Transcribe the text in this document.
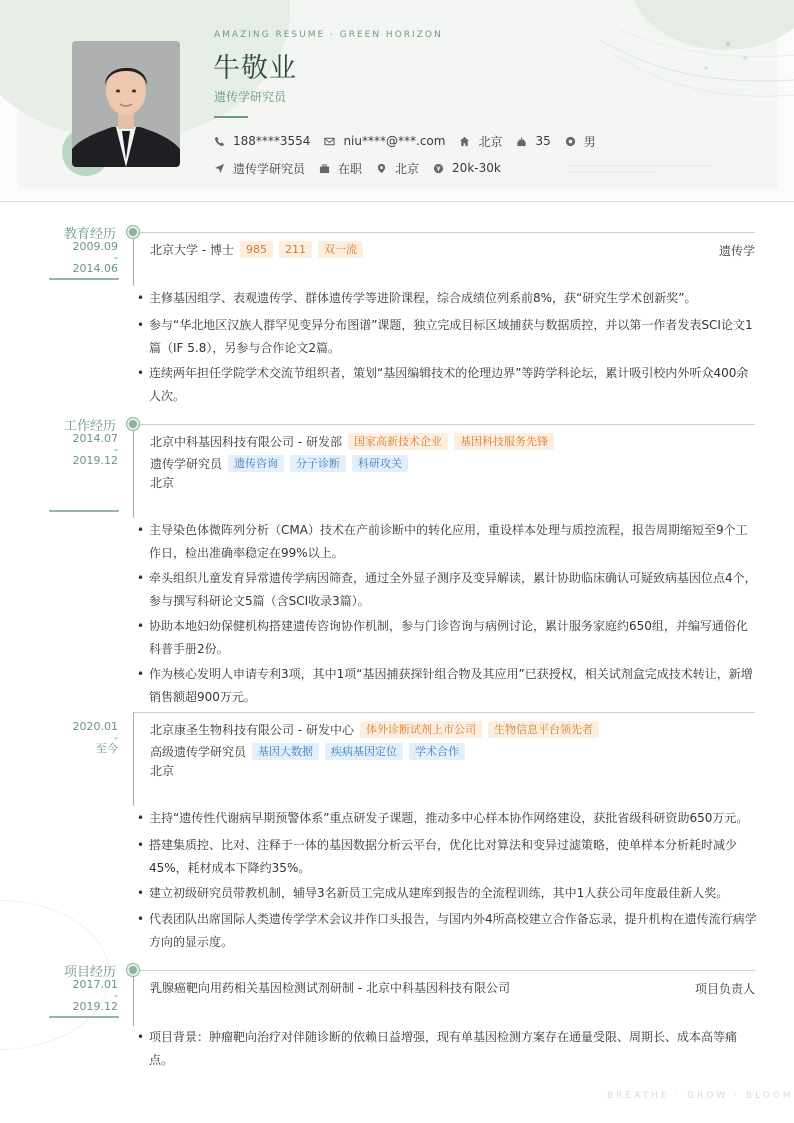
AMAZING RESUME · GREEN HORIZON
牛敬业
遗传学研究员
188****3554	niu****@***.com	北京	35	男
遗传学研究员	在职	北京	20k-30k
教育经历
2009.09
-
2014.06
北京大学 - 博士	985	211	双一流	遗传学
• 主修基因组学、表观遗传学、群体遗传学等进阶课程，综合成绩位列系前8%，获“研究生学术创新奖”。
• 参与“华北地区汉族人群罕见变异分布图谱”课题，独立完成目标区域捕获与数据质控，并以第一作者发表SCI论文1篇（IF 5.8），另参与合作论文2篇。
• 连续两年担任学院学术交流节组织者，策划“基因编辑技术的伦理边界”等跨学科论坛，累计吸引校内外听众400余人次。
工作经历
2014.07
-
2019.12
北京中科基因科技有限公司 - 研发部	国家高新技术企业	基因科技服务先锋
遗传学研究员	遗传咨询	分子诊断	科研攻关
北京
• 主导染色体微阵列分析（CMA）技术在产前诊断中的转化应用，重设样本处理与质控流程，报告周期缩短至9个工作日，检出准确率稳定在99%以上。
• 牵头组织儿童发育异常遗传学病因筛查，通过全外显子测序及变异解读，累计协助临床确认可疑致病基因位点4个，参与撰写科研论文5篇（含SCI收录3篇）。
• 协助本地妇幼保健机构搭建遗传咨询协作机制，参与门诊咨询与病例讨论，累计服务家庭约650组，并编写通俗化科普手册2份。
• 作为核心发明人申请专利3项，其中1项“基因捕获探针组合物及其应用”已获授权，相关试剂盒完成技术转让，新增销售额超900万元。
2020.01
-
至今
北京康圣生物科技有限公司 - 研发中心	体外诊断试剂上市公司	生物信息平台领先者
高级遗传学研究员	基因大数据	疾病基因定位	学术合作
北京
• 主持“遗传性代谢病早期预警体系”重点研发子课题，推动多中心样本协作网络建设，获批省级科研资助650万元。
• 搭建集质控、比对、注释于一体的基因数据分析云平台，优化比对算法和变异过滤策略，使单样本分析耗时减少45%，耗材成本下降约35%。
• 建立初级研究员带教机制，辅导3名新员工完成从建库到报告的全流程训练，其中1人获公司年度最佳新人奖。
• 代表团队出席国际人类遗传学学术会议并作口头报告，与国内外4所高校建立合作备忘录，提升机构在遗传流行病学方向的显示度。
项目经历
2017.01
-
2019.12
乳腺癌靶向用药相关基因检测试剂研制 - 北京中科基因科技有限公司	项目负责人
• 项目背景：肿瘤靶向治疗对伴随诊断的依赖日益增强，现有单基因检测方案存在通量受限、周期长、成本高等痛点。
BREATHE · GROW · BLOOM
